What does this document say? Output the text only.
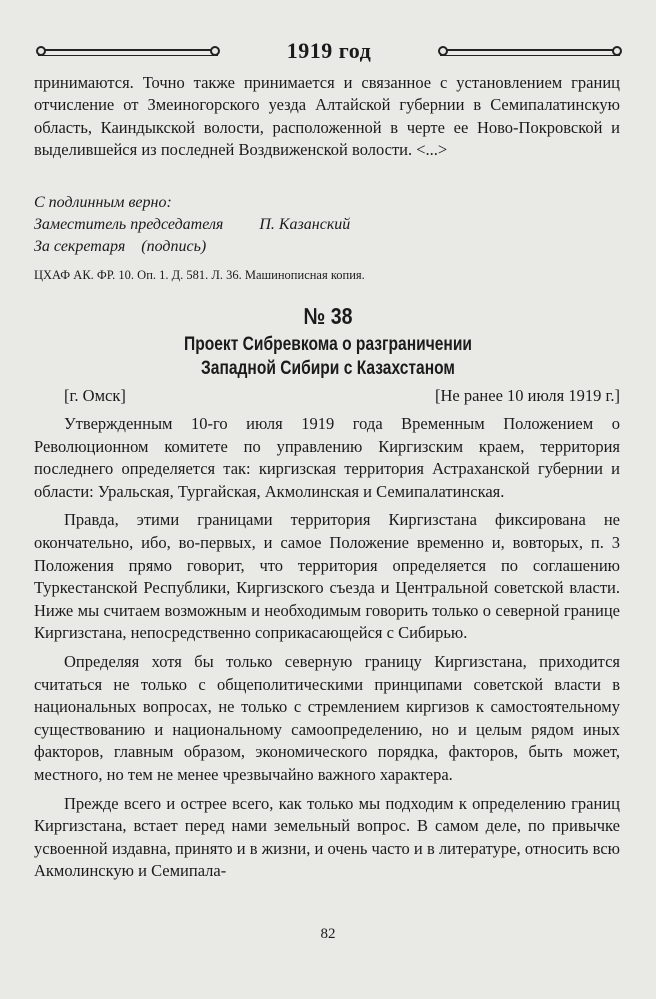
1919 год
принимаются. Точно также принимается и связанное с установлением границ отчисление от Змеиногорского уезда Алтайской губернии в Семипалатинскую область, Каиндыкской волости, расположенной в черте ее Ново-Покровской и выделившейся из последней Воздвиженской волости. <...>
С подлинным верно:
Заместитель председателя П. Казанский
За секретаря (подпись)
ЦХАФ АК. ФР. 10. Оп. 1. Д. 581. Л. 36. Машинописная копия.
№ 38
Проект Сибревкома о разграничении
Западной Сибири с Казахстаном
[г. Омск]	[Не ранее 10 июля 1919 г.]

Утвержденным 10-го июля 1919 года Временным Положением о Революционном комитете по управлению Киргизским краем, территория последнего определяется так: киргизская территория Астраханской губернии и области: Уральская, Тургайская, Акмолинская и Семипалатинская.

Правда, этими границами территория Киргизстана фиксирована не окончательно, ибо, во-первых, и самое Положение временно и, вовторых, п. 3 Положения прямо говорит, что территория определяется по соглашению Туркестанской Республики, Киргизского съезда и Центральной советской власти. Ниже мы считаем возможным и необходимым говорить только о северной границе Киргизстана, непосредственно соприкасающейся с Сибирью.

Определяя хотя бы только северную границу Киргизстана, приходится считаться не только с общеполитическими принципами советской власти в национальных вопросах, не только с стремлением киргизов к самостоятельному существованию и национальному самоопределению, но и целым рядом иных факторов, главным образом, экономического порядка, факторов, быть может, местного, но тем не менее чрезвычайно важного характера.

Прежде всего и острее всего, как только мы подходим к определению границ Киргизстана, встает перед нами земельный вопрос. В самом деле, по привычке усвоенной издавна, принято и в жизни, и очень часто и в литературе, относить всю Акмолинскую и Семипала-

82
